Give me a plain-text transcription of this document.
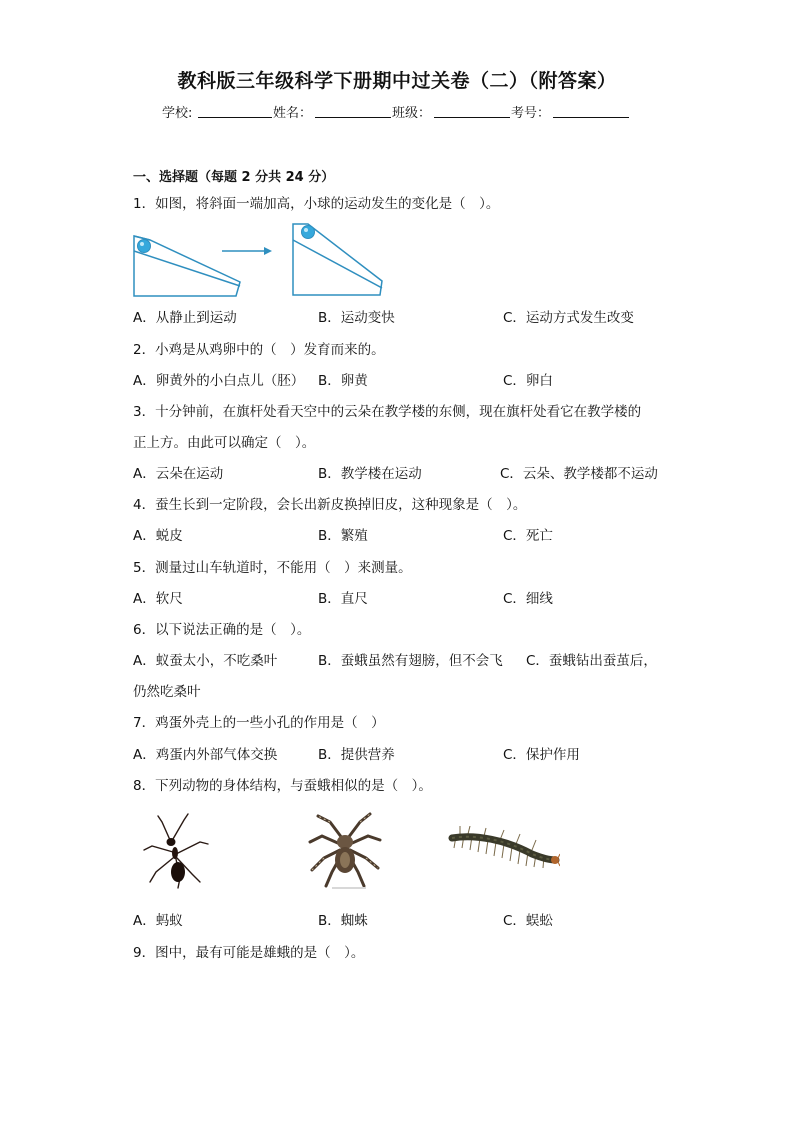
教科版三年级科学下册期中过关卷（二）（附答案）
学校:	姓名：	班级：	考号：
一、选择题（每题 2 分共 24 分）
1．如图，将斜面一端加高，小球的运动发生的变化是（　）。
A．从静止到运动	B．运动变快	C．运动方式发生改变
2．小鸡是从鸡卵中的（　）发育而来的。
A．卵黄外的小白点儿（胚） B．卵黄	C．卵白
3．十分钟前，在旗杆处看天空中的云朵在教学楼的东侧，现在旗杆处看它在教学楼的
正上方。由此可以确定（　）。
A．云朵在运动	B．教学楼在运动	C．云朵、教学楼都不运动
4．蚕生长到一定阶段，会长出新皮换掉旧皮，这种现象是（　）。
A．蜕皮	B．繁殖	C．死亡
5．测量过山车轨道时，不能用（　）来测量。
A．软尺	B．直尺	C．细线
6．以下说法正确的是（　）。
A．蚁蚕太小，不吃桑叶	B．蚕蛾虽然有翅膀，但不会飞 C．蚕蛾钻出蚕茧后，
仍然吃桑叶
7．鸡蛋外壳上的一些小孔的作用是（　）
A．鸡蛋内外部气体交换	B．提供营养	C．保护作用
8．下列动物的身体结构，与蚕蛾相似的是（　）。
A．蚂蚁	B．蜘蛛	C．蜈蚣
9．图中，最有可能是雄蛾的是（　）。
